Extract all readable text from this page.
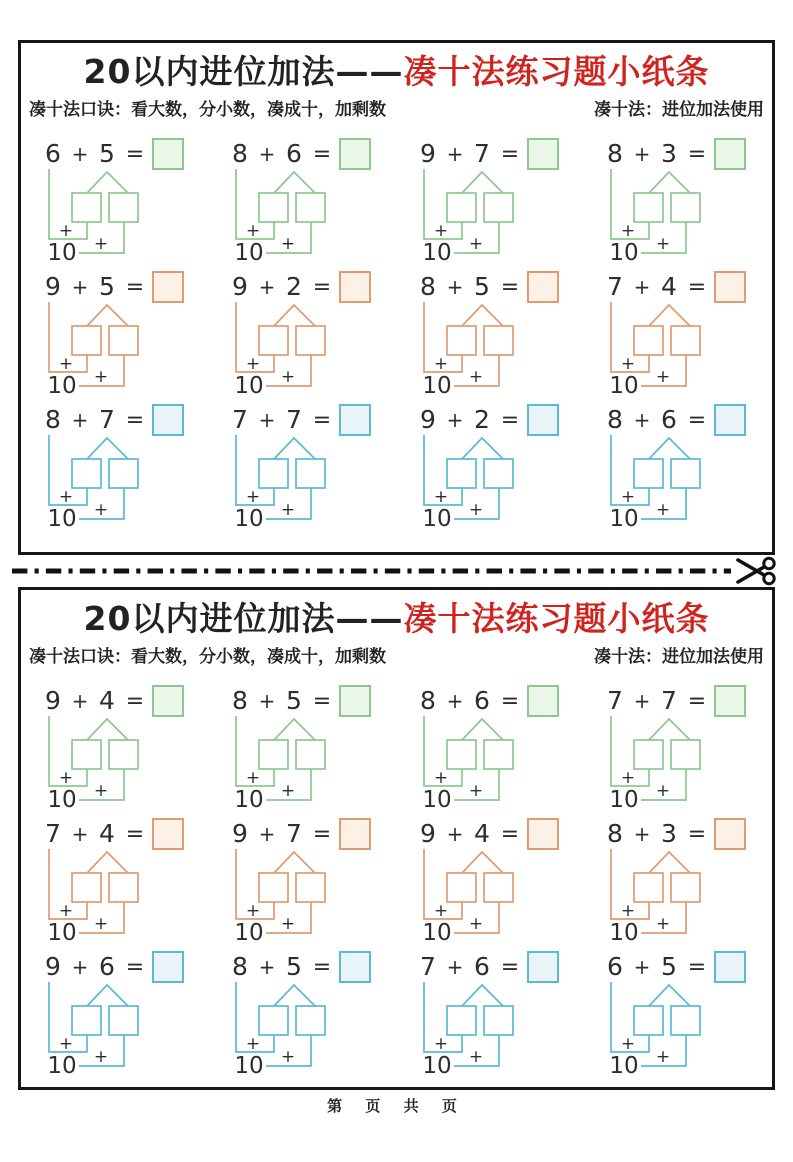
20以内进位加法——凑十法练习题小纸条
凑十法口诀：看大数，分小数，凑成十，加剩数	凑十法：进位加法使用
6 + 5 =
+
10 +
8 + 6 =
+
10 +
9 + 7 =
+
10 +
8 + 3 =
+
10 +
9 + 5 =
+
10 +
9 + 2 =
+
10 +
8 + 5 =
+
10 +
7 + 4 =
+
10 +
8 + 7 =
+
10 +
7 + 7 =
+
10 +
9 + 2 =
+
10 +
8 + 6 =
+
10 +
20以内进位加法——凑十法练习题小纸条
凑十法口诀：看大数，分小数，凑成十，加剩数	凑十法：进位加法使用
9 + 4 =
+
10 +
8 + 5 =
+
10 +
8 + 6 =
+
10 +
7 + 7 =
+
10 +
7 + 4 =
+
10 +
9 + 7 =
+
10 +
9 + 4 =
+
10 +
8 + 3 =
+
10 +
9 + 6 =
+
10 +
8 + 5 =
+
10 +
7 + 6 =
+
10 +
6 + 5 =
+
10 +
第 页 共 页
